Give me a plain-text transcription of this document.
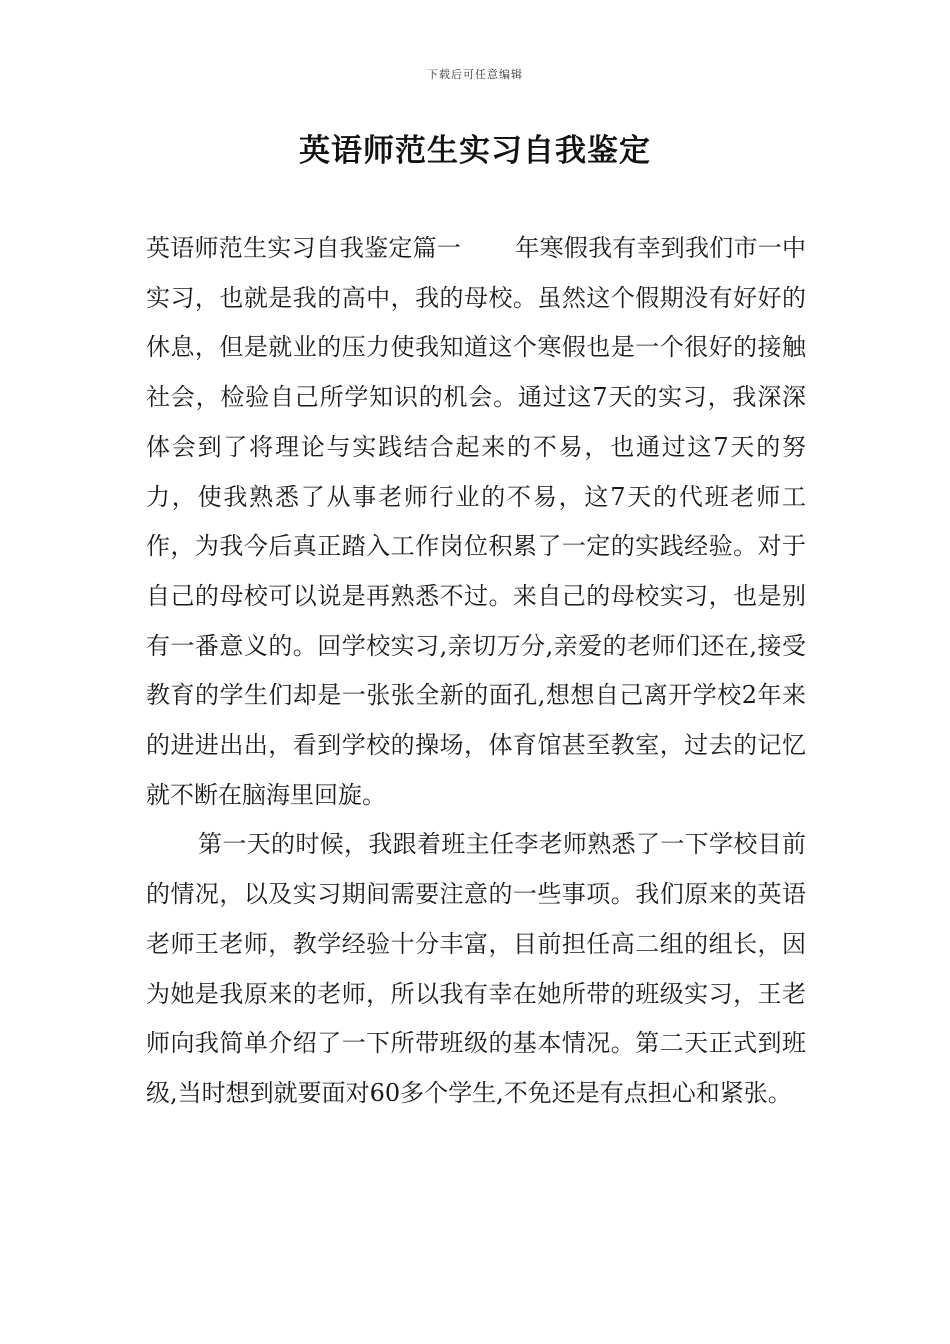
下载后可任意编辑
英语师范生实习自我鉴定

英语师范生实习自我鉴定篇一 年寒假我有幸到我们市一中实习，也就是我的高中，我的母校。虽然这个假期没有好好的休息，但是就业的压力使我知道这个寒假也是一个很好的接触社会，检验自己所学知识的机会。通过这7天的实习，我深深体会到了将理论与实践结合起来的不易，也通过这7天的努力，使我熟悉了从事老师行业的不易，这7天的代班老师工作，为我今后真正踏入工作岗位积累了一定的实践经验。对于自己的母校可以说是再熟悉不过。来自己的母校实习，也是别有一番意义的。回学校实习,亲切万分,亲爱的老师们还在,接受教育的学生们却是一张张全新的面孔,想想自己离开学校2年来的进进出出，看到学校的操场，体育馆甚至教室，过去的记忆就不断在脑海里回旋。

第一天的时候，我跟着班主任李老师熟悉了一下学校目前的情况，以及实习期间需要注意的一些事项。我们原来的英语老师王老师，教学经验十分丰富，目前担任高二组的组长，因为她是我原来的老师，所以我有幸在她所带的班级实习，王老师向我简单介绍了一下所带班级的基本情况。第二天正式到班级,当时想到就要面对60多个学生,不免还是有点担心和紧张。
